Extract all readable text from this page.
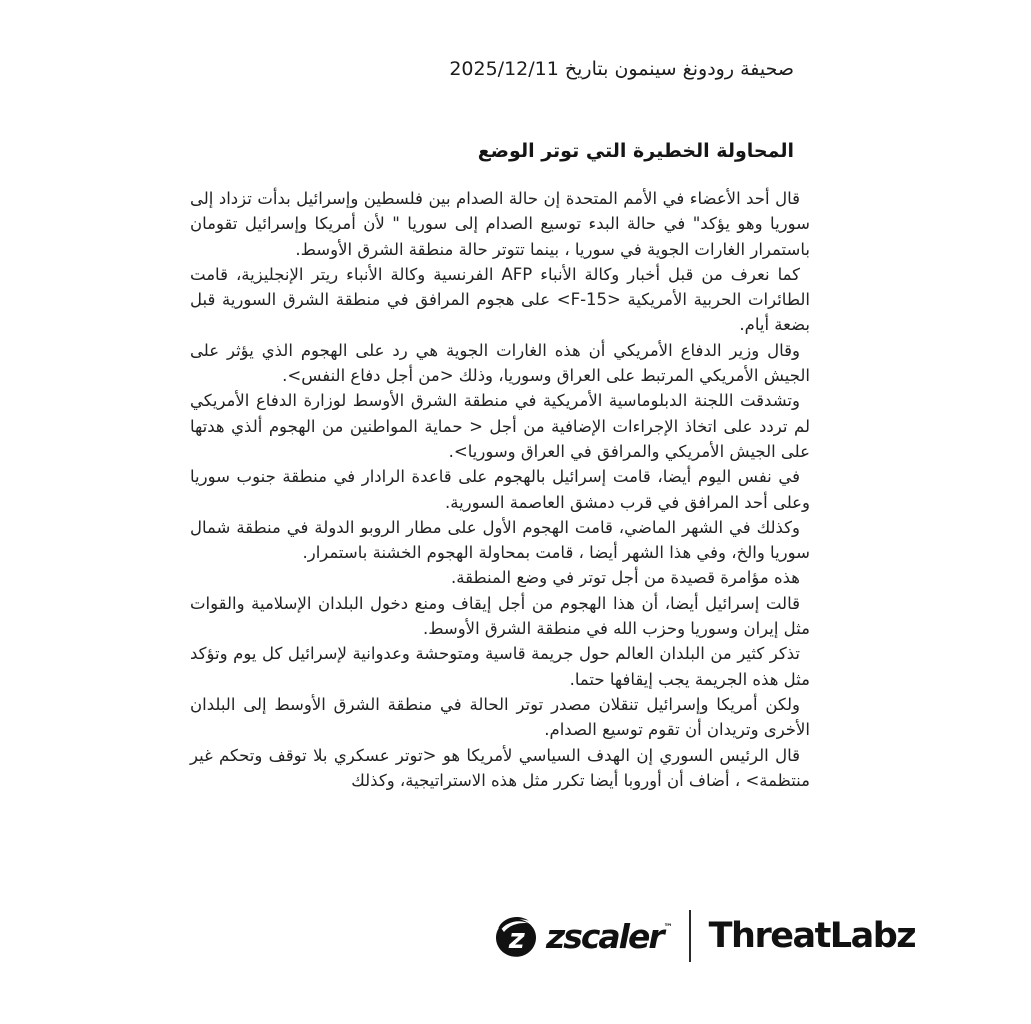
صحيفة رودونغ سينمون بتاريخ 2025/12/11
المحاولة الخطيرة التي توتر الوضع

قال أحد الأعضاء في الأمم المتحدة إن حالة الصدام بين فلسطين وإسرائيل بدأت تزداد إلى سوريا وهو يؤكد" في حالة البدء توسيع الصدام إلى سوريا " لأن أمريكا وإسرائيل تقومان باستمرار الغارات الجوية في سوريا ، بينما تتوتر حالة منطقة الشرق الأوسط.

كما نعرف من قبل أخبار وكالة الأنباء AFP الفرنسية وكالة الأنباء ريتر الإنجليزية، قامت الطائرات الحربية الأمريكية ⁦<F-15>⁩ على هجوم المرافق في منطقة الشرق السورية قبل بضعة أيام.

وقال وزير الدفاع الأمريكي أن هذه الغارات الجوية هي رد على الهجوم الذي يؤثر على الجيش الأمريكي المرتبط على العراق وسوريا، وذلك <من أجل دفاع النفس>.

وتشدقت اللجنة الدبلوماسية الأمريكية في منطقة الشرق الأوسط لوزارة الدفاع الأمريكي لم تردد على اتخاذ الإجراءات الإضافية من أجل < حماية المواطنين من الهجوم ألذي هدتها على الجيش الأمريكي والمرافق في العراق وسوريا>.

في نفس اليوم أيضا، قامت إسرائيل بالهجوم على قاعدة الرادار في منطقة جنوب سوريا وعلى أحد المرافق في قرب دمشق العاصمة السورية.

وكذلك في الشهر الماضي، قامت الهجوم الأول على مطار الروبو الدولة في منطقة شمال سوريا والخ، وفي هذا الشهر أيضا ، قامت بمحاولة الهجوم الخشنة باستمرار.

هذه مؤامرة قصيدة من أجل توتر في وضع المنطقة.

قالت إسرائيل أيضا، أن هذا الهجوم من أجل إيقاف ومنع دخول البلدان الإسلامية والقوات مثل إيران وسوريا وحزب الله في منطقة الشرق الأوسط.

تذكر كثير من البلدان العالم حول جريمة قاسية ومتوحشة وعدوانية لإسرائيل كل يوم وتؤكد مثل هذه الجريمة يجب إيقافها حتما.

ولكن أمريكا وإسرائيل تنقلان مصدر توتر الحالة في منطقة الشرق الأوسط إلى البلدان الأخرى وتريدان أن تقوم توسيع الصدام.

قال الرئيس السوري إن الهدف السياسي لأمريكا هو <توتر عسكري بلا توقف وتحكم غير منتظمة> ، أضاف أن أوروبا أيضا تكرر مثل هذه الاستراتيجية، وكذلك

z zscaler™ ThreatLabz
